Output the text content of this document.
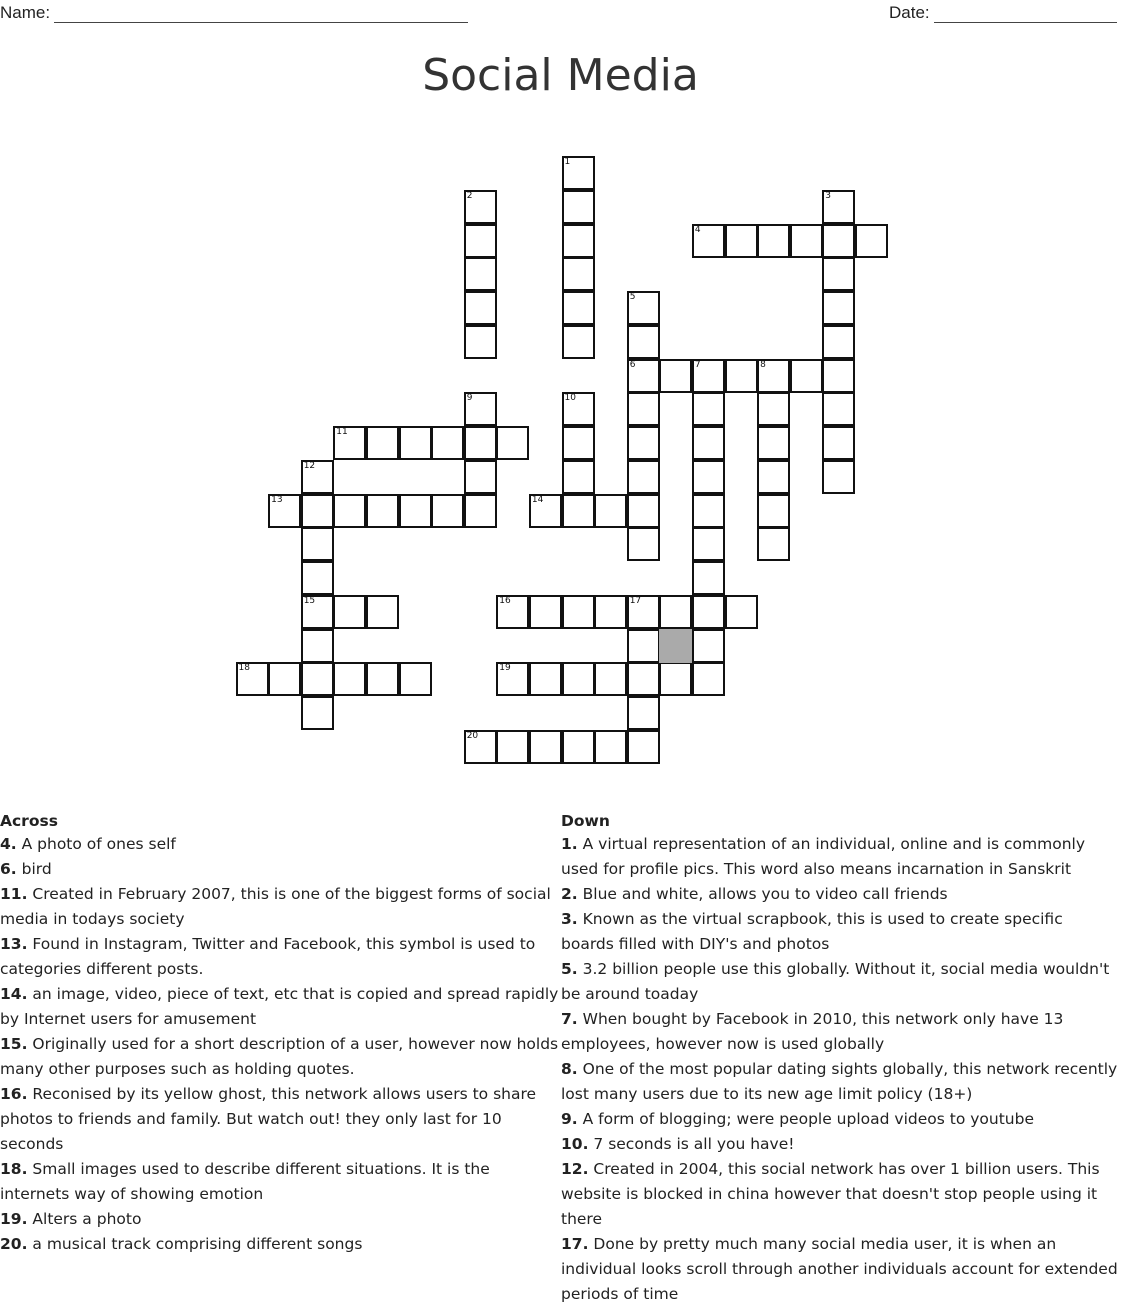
Name:	Date:
Social Media
1
2	3
4
5
6	7	8
9	10
11
12
15
13	14
16	17
18	19
20
Across

4. A photo of ones self

6. bird

11. Created in February 2007, this is one of the biggest forms of social media in todays society

13. Found in Instagram, Twitter and Facebook, this symbol is used to categories different posts.

14. an image, video, piece of text, etc that is copied and spread rapidly by Internet users for amusement

15. Originally used for a short description of a user, however now holds many other purposes such as holding quotes.

16. Reconised by its yellow ghost, this network allows users to share photos to friends and family. But watch out! they only last for 10 seconds

18. Small images used to describe different situations. It is the internets way of showing emotion

19. Alters a photo

20. a musical track comprising different songs

Down

1. A virtual representation of an individual, online and is commonly used for profile pics. This word also means incarnation in Sanskrit

2. Blue and white, allows you to video call friends

3. Known as the virtual scrapbook, this is used to create specific boards filled with DIY's and photos

5. 3.2 billion people use this globally. Without it, social media wouldn't be around toaday

7. When bought by Facebook in 2010, this network only have 13 employees, however now is used globally

8. One of the most popular dating sights globally, this network recently lost many users due to its new age limit policy (18+)

9. A form of blogging; were people upload videos to youtube

10. 7 seconds is all you have!

12. Created in 2004, this social network has over 1 billion users. This website is blocked in china however that doesn't stop people using it there

17. Done by pretty much many social media user, it is when an individual looks scroll through another individuals account for extended periods of time
